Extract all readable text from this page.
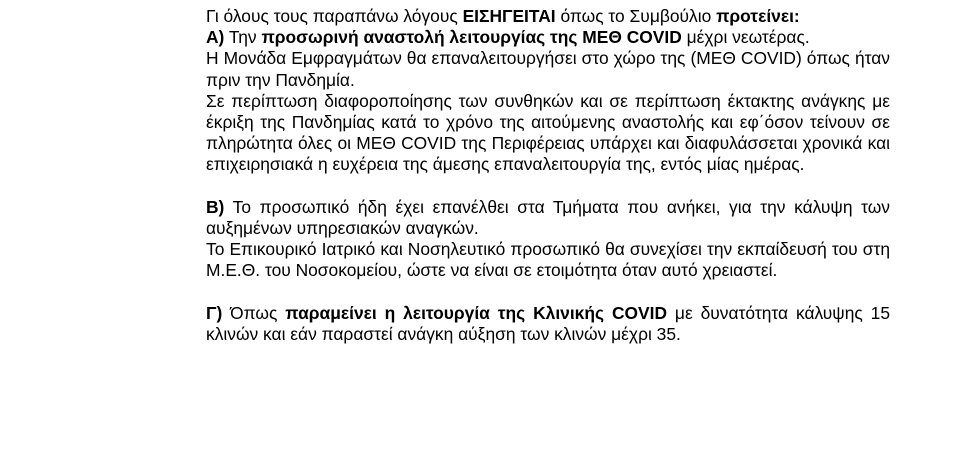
Γι όλους τους παραπάνω λόγους ΕΙΣΗΓΕΙΤΑΙ όπως το Συμβούλιο προτείνει:

Α) Την προσωρινή αναστολή λειτουργίας της ΜΕΘ COVID μέχρι νεωτέρας.

Η Μονάδα Εμφραγμάτων θα επαναλειτουργήσει στο χώρο της (ΜΕΘ COVID) όπως ήταν πριν την Πανδημία.

Σε περίπτωση διαφοροποίησης των συνθηκών και σε περίπτωση έκτακτης ανάγκης με έκριξη της Πανδημίας κατά το χρόνο της αιτούμενης αναστολής και εφ΄όσον τείνουν σε πληρώτητα όλες οι ΜΕΘ COVID της Περιφέρειας υπάρχει και διαφυλάσσεται χρονικά και επιχειρησιακά η ευχέρεια της άμεσης επαναλειτουργία της, εντός μίας ημέρας.

Β) Το προσωπικό ήδη έχει επανέλθει στα Τμήματα που ανήκει, για την κάλυψη των αυξημένων υπηρεσιακών αναγκών.

Το Επικουρικό Ιατρικό και Νοσηλευτικό προσωπικό θα συνεχίσει την εκπαίδευσή του στη Μ.Ε.Θ. του Νοσοκομείου, ώστε να είναι σε ετοιμότητα όταν αυτό χρειαστεί.

Γ) Όπως παραμείνει η λειτουργία της Κλινικής COVID με δυνατότητα κάλυψης 15 κλινών και εάν παραστεί ανάγκη αύξηση των κλινών μέχρι 35.
